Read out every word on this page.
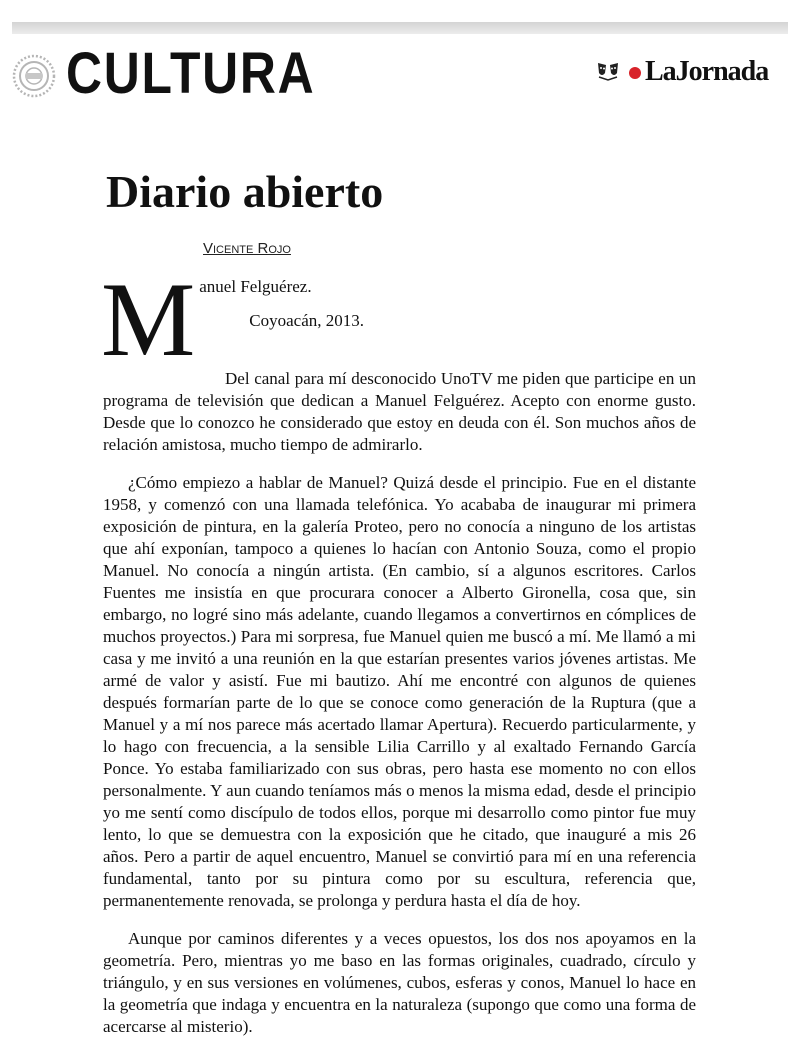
CULTURA	LaJornada
Diario abierto

Vicente Rojo

M anuel Felguérez.

Coyoacán, 2013.

Del canal para mí desconocido UnoTV me piden que participe en un programa de televisión que dedican a Manuel Felguérez. Acepto con enorme gusto. Desde que lo conozco he considerado que estoy en deuda con él. Son muchos años de relación amistosa, mucho tiempo de admirarlo.

¿Cómo empiezo a hablar de Manuel? Quizá desde el principio. Fue en el distante 1958, y comenzó con una llamada telefónica. Yo acababa de inaugurar mi primera exposición de pintura, en la galería Proteo, pero no conocía a ninguno de los artistas que ahí exponían, tampoco a quienes lo hacían con Antonio Souza, como el propio Manuel. No conocía a ningún artista. (En cambio, sí a algunos escritores. Carlos Fuentes me insistía en que procurara conocer a Alberto Gironella, cosa que, sin embargo, no logré sino más adelante, cuando llegamos a convertirnos en cómplices de muchos proyectos.) Para mi sorpresa, fue Manuel quien me buscó a mí. Me llamó a mi casa y me invitó a una reunión en la que estarían presentes varios jóvenes artistas. Me armé de valor y asistí. Fue mi bautizo. Ahí me encontré con algunos de quienes después formarían parte de lo que se conoce como generación de la Ruptura (que a Manuel y a mí nos parece más acertado llamar Apertura). Recuerdo particularmente, y lo hago con frecuencia, a la sensible Lilia Carrillo y al exaltado Fernando García Ponce. Yo estaba familiarizado con sus obras, pero hasta ese momento no con ellos personalmente. Y aun cuando teníamos más o menos la misma edad, desde el principio yo me sentí como discípulo de todos ellos, porque mi desarrollo como pintor fue muy lento, lo que se demuestra con la exposición que he citado, que inauguré a mis 26 años. Pero a partir de aquel encuentro, Manuel se convirtió para mí en una referencia fundamental, tanto por su pintura como por su escultura, referencia que, permanentemente renovada, se prolonga y perdura hasta el día de hoy.

Aunque por caminos diferentes y a veces opuestos, los dos nos apoyamos en la geometría. Pero, mientras yo me baso en las formas originales, cuadrado, círculo y triángulo, y en sus versiones en volúmenes, cubos, esferas y conos, Manuel lo hace en la geometría que indaga y encuentra en la naturaleza (supongo que como una forma de acercarse al misterio).
